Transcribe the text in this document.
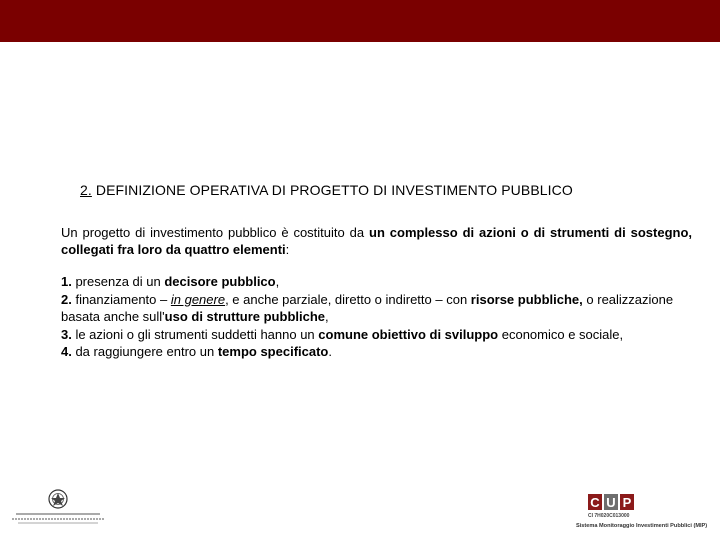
2. DEFINIZIONE OPERATIVA DI PROGETTO DI INVESTIMENTO PUBBLICO
Un progetto di investimento pubblico è costituito da un complesso di azioni o di strumenti di sostegno, collegati fra loro da quattro elementi:
1. presenza di un decisore pubblico,
2. finanziamento – in genere, e anche parziale, diretto o indiretto – con risorse pubbliche, o realizzazione basata anche sull'uso di strutture pubbliche,
3. le azioni o gli strumenti suddetti hanno un comune obiettivo di sviluppo economico e sociale,
4. da raggiungere entro un tempo specificato.
C U P
CI 7H020C013000
Sistema Monitoraggio Investimenti Pubblici (MIP)
